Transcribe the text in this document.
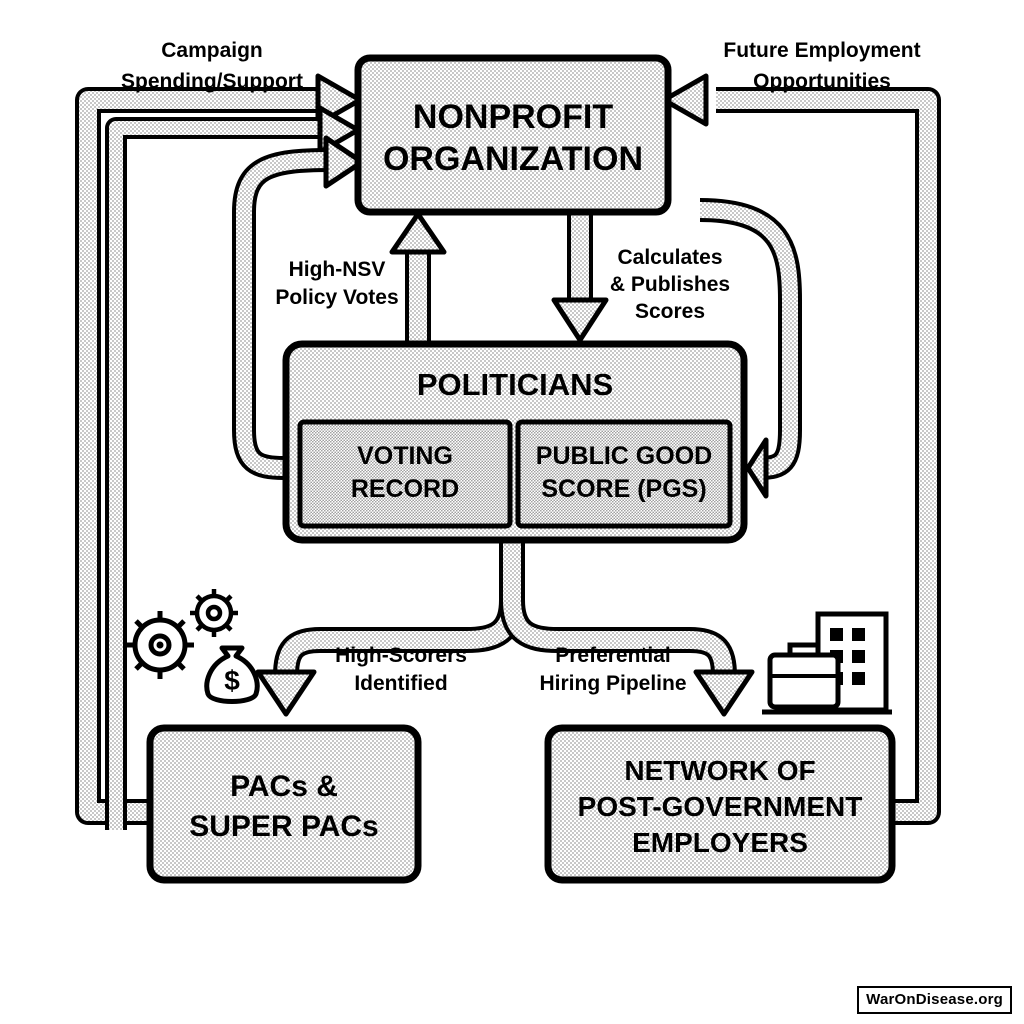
NONPROFIT
ORGANIZATION
POLITICIANS
VOTING
RECORD
PUBLIC GOOD
SCORE (PGS)
PACs &
SUPER PACs
NETWORK OF
POST-GOVERNMENT
EMPLOYERS
Campaign
Spending/Support
Future Employment
Opportunities
High-NSV
Policy Votes
Calculates
& Publishes
Scores
High-Scorers
Identified
Preferential
Hiring Pipeline
$
WarOnDisease.org
